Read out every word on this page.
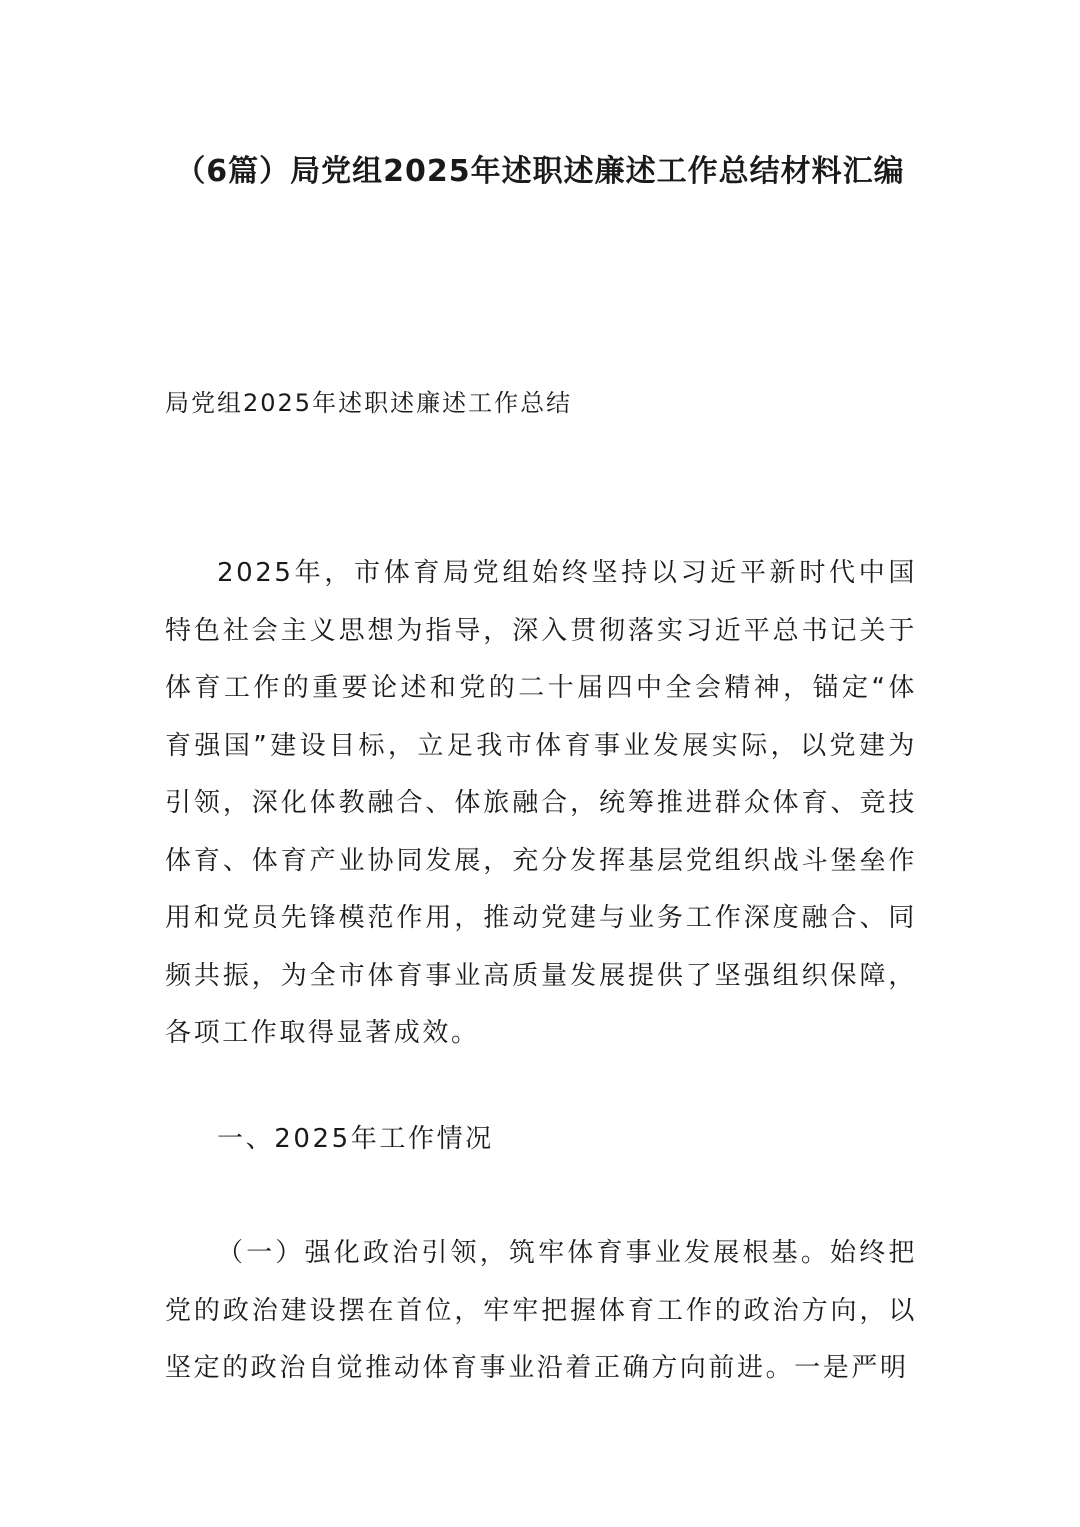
（6篇）局党组2025年述职述廉述工作总结材料汇编
局党组2025年述职述廉述工作总结

2025年，市体育局党组始终坚持以习近平新时代中国特色社会主义思想为指导，深入贯彻落实习近平总书记关于体育工作的重要论述和党的二十届四中全会精神，锚定“体育强国”建设目标，立足我市体育事业发展实际，以党建为引领，深化体教融合、体旅融合，统筹推进群众体育、竞技体育、体育产业协同发展，充分发挥基层党组织战斗堡垒作用和党员先锋模范作用，推动党建与业务工作深度融合、同频共振，为全市体育事业高质量发展提供了坚强组织保障，各项工作取得显著成效。

一、2025年工作情况

（一）强化政治引领，筑牢体育事业发展根基。始终把党的政治建设摆在首位，牢牢把握体育工作的政治方向，以坚定的政治自觉推动体育事业沿着正确方向前进。一是严明
